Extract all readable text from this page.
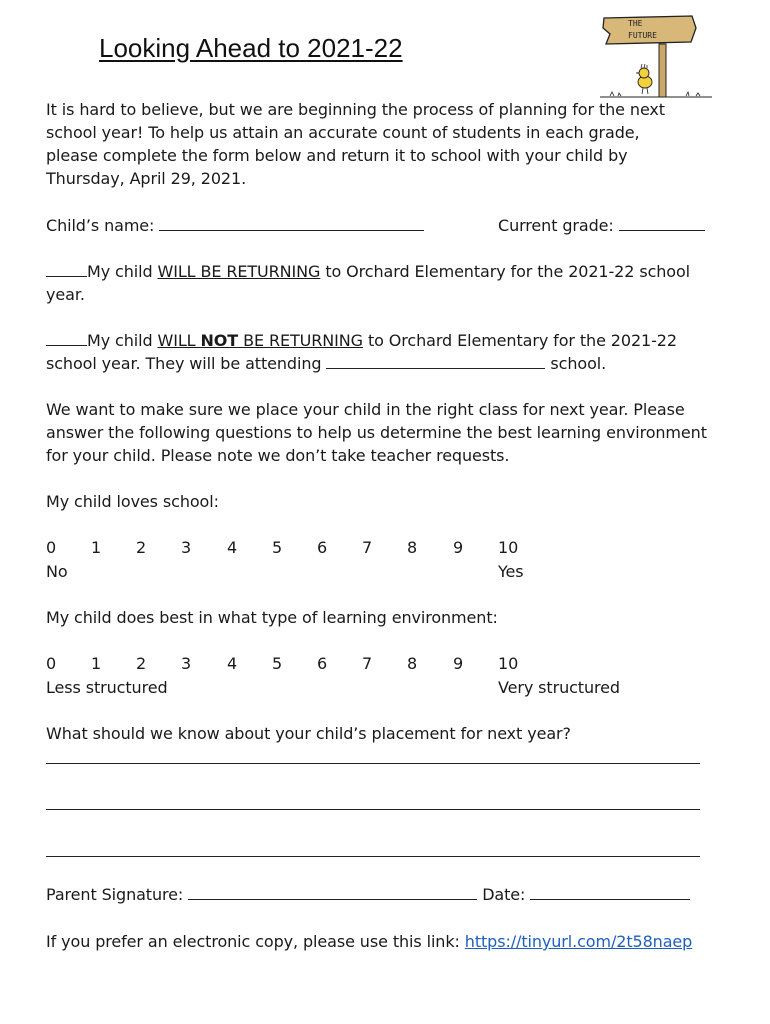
Looking Ahead to 2021-22
THE
FUTURE
It is hard to believe, but we are beginning the process of planning for the next
school year! To help us attain an accurate count of students in each grade,
please complete the form below and return it to school with your child by
Thursday, April 29, 2021.
Child’s name:	Current grade:
My child WILL BE RETURNING to Orchard Elementary for the 2021-22 school
year.
My child WILL NOT BE RETURNING to Orchard Elementary for the 2021-22
school year. They will be attending	school.
We want to make sure we place your child in the right class for next year. Please
answer the following questions to help us determine the best learning environment
for your child. Please note we don’t take teacher requests.
My child loves school:
0 1 2 3 4 5 6 7 8 9 10
No	Yes
My child does best in what type of learning environment:
0 1 2 3 4 5 6 7 8 9 10
Less structured	Very structured
What should we know about your child’s placement for next year?
Parent Signature:	Date:
If you prefer an electronic copy, please use this link: https://tinyurl.com/2t58naep
